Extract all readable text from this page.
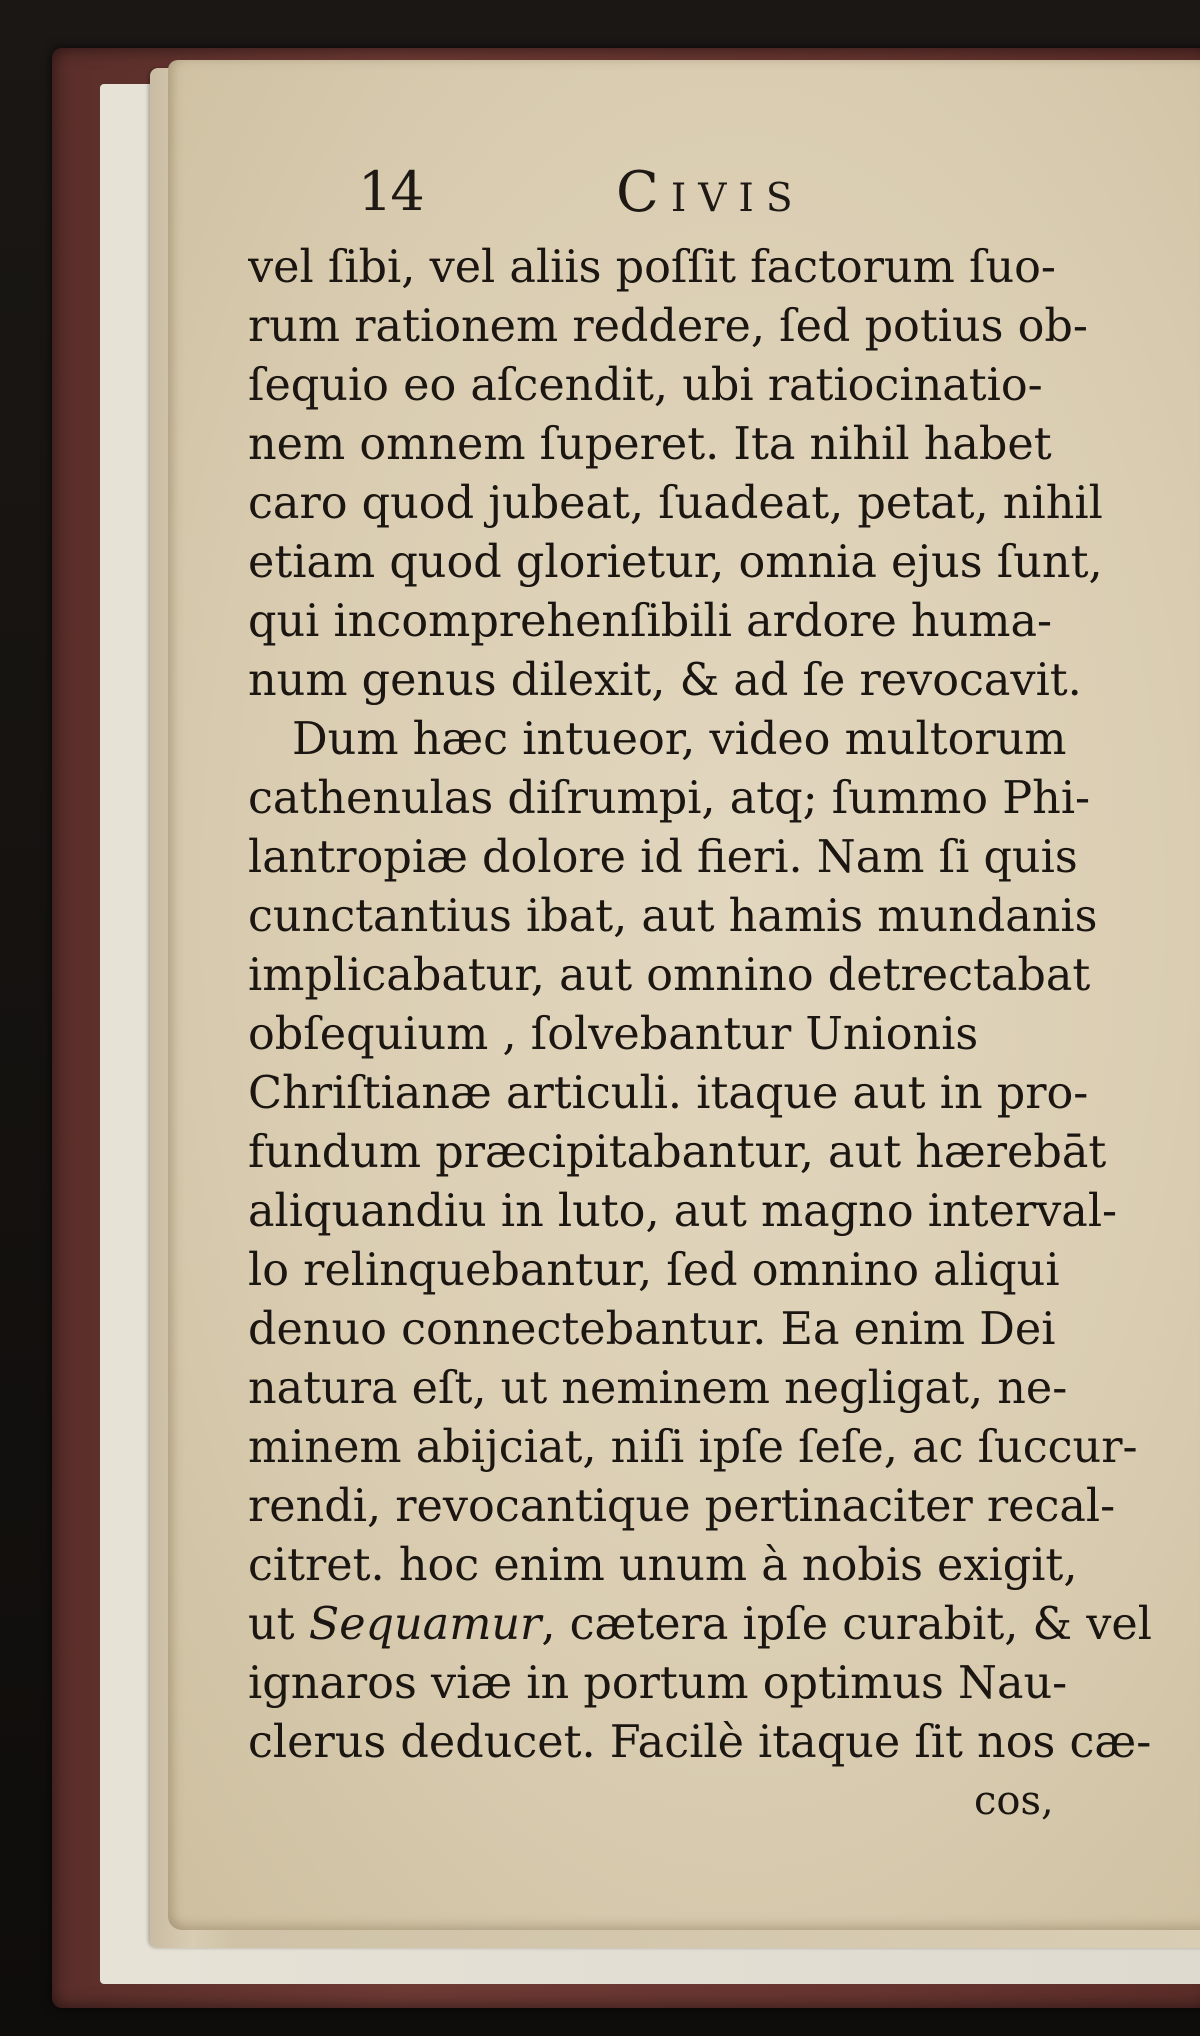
14	Civis
vel ſibi, vel aliis poſſit factorum ſuo-
rum rationem reddere, ſed potius ob-
ſequio eo aſcendit, ubi ratiocinatio-
nem omnem ſuperet. Ita nihil habet
caro quod jubeat, ſuadeat, petat, nihil
etiam quod glorietur, omnia ejus ſunt,
qui incomprehenſibili ardore huma-
num genus dilexit, & ad ſe revocavit.
Dum hæc intueor, video multorum
cathenulas diſrumpi, atq; ſummo Phi-
lantropiæ dolore id fieri. Nam ſi quis
cunctantius ibat, aut hamis mundanis
implicabatur, aut omnino detrectabat
obſequium , ſolvebantur Unionis
Chriſtianæ articuli. itaque aut in pro-
fundum præcipitabantur, aut hærebāt
aliquandiu in luto, aut magno interval-
lo relinquebantur, ſed omnino aliqui
denuo connectebantur. Ea enim Dei
natura eſt, ut neminem negligat, ne-
minem abijciat, niſi ipſe ſeſe, ac ſuccur-
rendi, revocantique pertinaciter recal-
citret. hoc enim unum à nobis exigit,
ut Sequamur, cætera ipſe curabit, & vel
ignaros viæ in portum optimus Nau-
clerus deducet. Facilè itaque ſit nos cæ-
cos,
